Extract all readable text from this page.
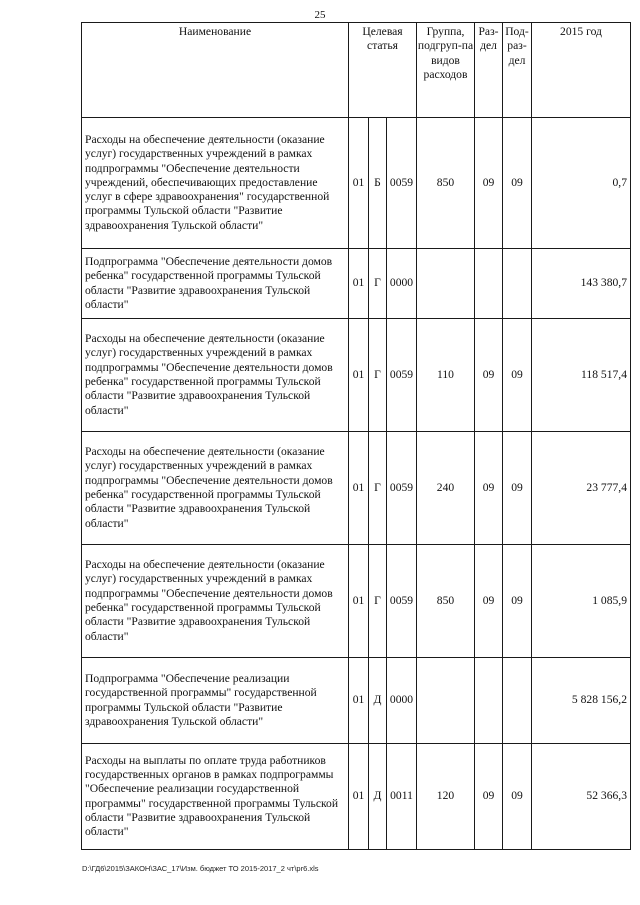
25
Наименование	Целевая статья			Группа, подгруп-па видов расходов	Раз-дел	Под-раз-дел	2015 год
Расходы на обеспечение деятельности (оказание услуг) государственных учреждений в рамках подпрограммы "Обеспечение деятельности учреждений, обеспечивающих предоставление услуг в сфере здравоохранения" государственной программы Тульской области "Развитие здравоохранения Тульской области"	01	Б	0059	850	09	09	0,7
Подпрограмма "Обеспечение деятельности домов ребенка" государственной программы Тульской области "Развитие здравоохранения Тульской области"	01	Г	0000				143 380,7
Расходы на обеспечение деятельности (оказание услуг) государственных учреждений в рамках подпрограммы "Обеспечение деятельности домов ребенка" государственной программы Тульской области "Развитие здравоохранения Тульской области"	01	Г	0059	110	09	09	118 517,4
Расходы на обеспечение деятельности (оказание услуг) государственных учреждений в рамках подпрограммы "Обеспечение деятельности домов ребенка" государственной программы Тульской области "Развитие здравоохранения Тульской области"	01	Г	0059	240	09	09	23 777,4
Расходы на обеспечение деятельности (оказание услуг) государственных учреждений в рамках подпрограммы "Обеспечение деятельности домов ребенка" государственной программы Тульской области "Развитие здравоохранения Тульской области"	01	Г	0059	850	09	09	1 085,9
Подпрограмма "Обеспечение реализации государственной программы" государственной программы Тульской области "Развитие здравоохранения Тульской области"	01	Д	0000				5 828 156,2
Расходы на выплаты по оплате труда работников государственных органов в рамках подпрограммы "Обеспечение реализации государственной программы" государственной программы Тульской области "Развитие здравоохранения Тульской области"	01	Д	0011	120	09	09	52 366,3
D:\ГД6\2015\ЗАКОН\ЗАС_17\Изм. бюджет ТО 2015-2017_2 чт\pr6.xls
